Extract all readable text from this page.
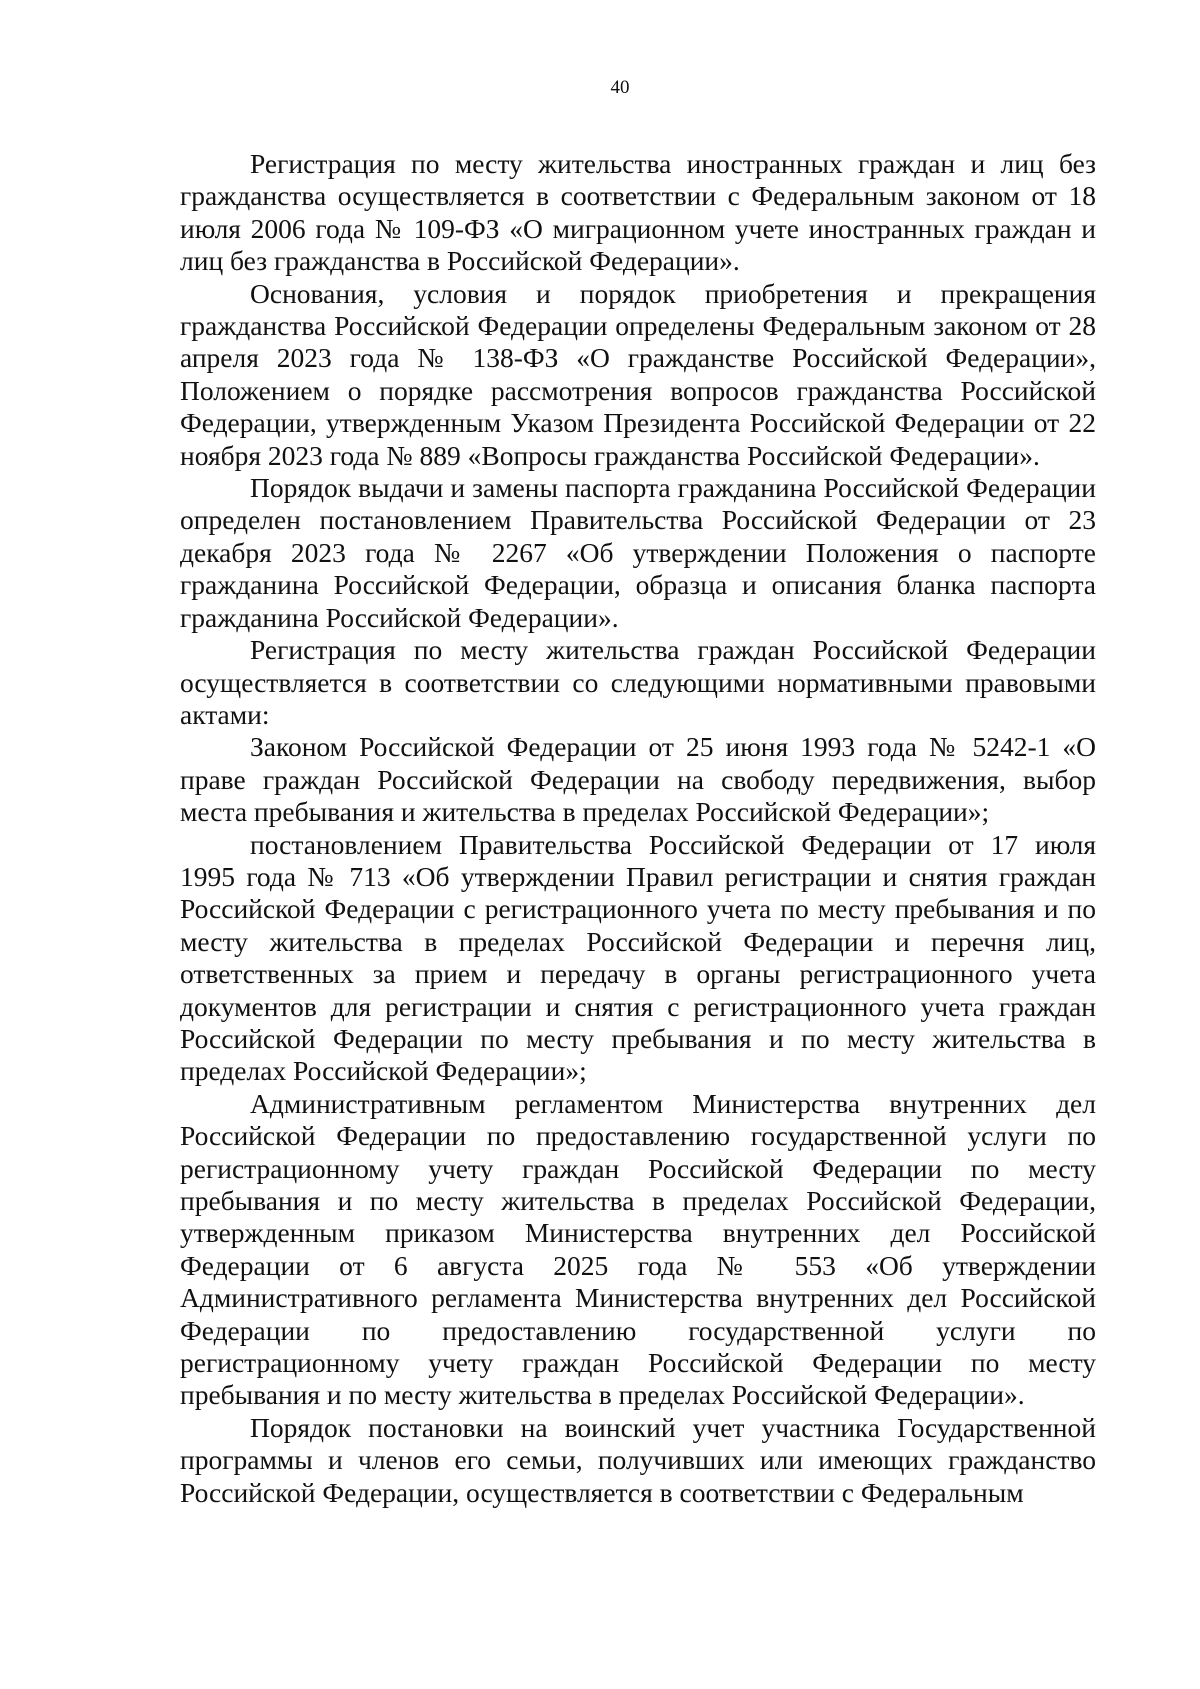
40

Регистрация по месту жительства иностранных граждан и лиц без гражданства осуществляется в соответствии с Федеральным законом от 18 июля 2006 года № 109-ФЗ «О миграционном учете иностранных граждан и лиц без гражданства в Российской Федерации».

Основания, условия и порядок приобретения и прекращения гражданства Российской Федерации определены Федеральным законом от 28 апреля 2023 года № 138-ФЗ «О гражданстве Российской Федерации», Положением о порядке рассмотрения вопросов гражданства Российской Федерации, утвержденным Указом Президента Российской Федерации от 22 ноября 2023 года № 889 «Вопросы гражданства Российской Федерации».

Порядок выдачи и замены паспорта гражданина Российской Федерации определен постановлением Правительства Российской Федерации от 23 декабря 2023 года № 2267 «Об утверждении Положения о паспорте гражданина Российской Федерации, образца и описания бланка паспорта гражданина Российской Федерации».

Регистрация по месту жительства граждан Российской Федерации осуществляется в соответствии со следующими нормативными правовыми актами:

Законом Российской Федерации от 25 июня 1993 года № 5242-1 «О праве граждан Российской Федерации на свободу передвижения, выбор места пребывания и жительства в пределах Российской Федерации»;

постановлением Правительства Российской Федерации от 17 июля 1995 года № 713 «Об утверждении Правил регистрации и снятия граждан Российской Федерации с регистрационного учета по месту пребывания и по месту жительства в пределах Российской Федерации и перечня лиц, ответственных за прием и передачу в органы регистрационного учета документов для регистрации и снятия с регистрационного учета граждан Российской Федерации по месту пребывания и по месту жительства в пределах Российской Федерации»;

Административным регламентом Министерства внутренних дел Российской Федерации по предоставлению государственной услуги по регистрационному учету граждан Российской Федерации по месту пребывания и по месту жительства в пределах Российской Федерации, утвержденным приказом Министерства внутренних дел Российской Федерации от 6 августа 2025 года № 553 «Об утверждении Административного регламента Министерства внутренних дел Российской Федерации по предоставлению государственной услуги по регистрационному учету граждан Российской Федерации по месту пребывания и по месту жительства в пределах Российской Федерации».

Порядок постановки на воинский учет участника Государственной программы и членов его семьи, получивших или имеющих гражданство Российской Федерации, осуществляется в соответствии с Федеральным
